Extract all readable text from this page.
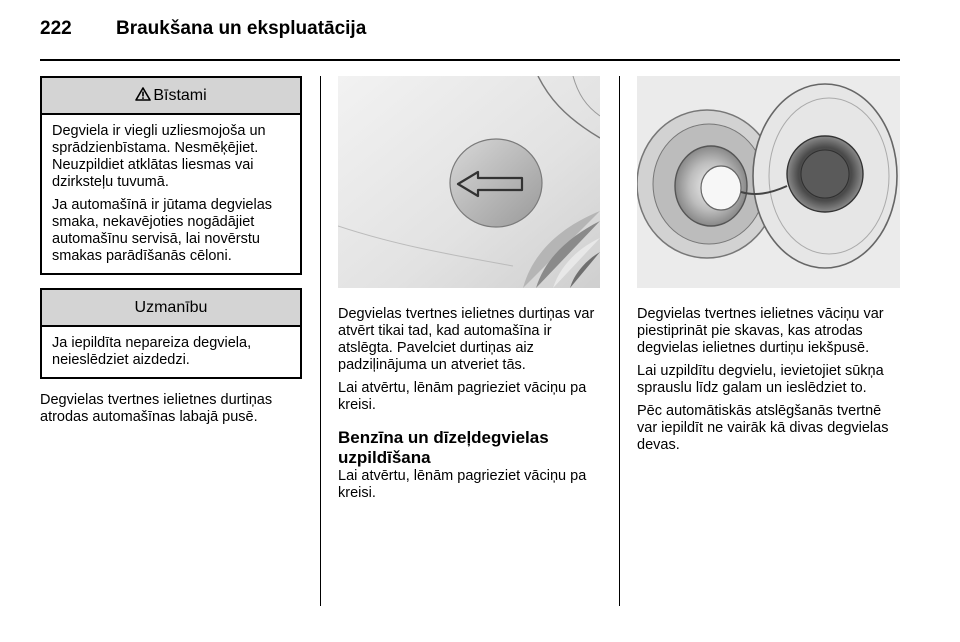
222 Braukšana un ekspluatācija
Bīstami

Degviela ir viegli uzliesmojoša un sprādzienbīstama. Nesmēķējiet. Neuzpildiet atklātas liesmas vai dzirksteļu tuvumā.

Ja automašīnā ir jūtama degvielas smaka, nekavējoties nogādājiet automašīnu servisā, lai novērstu smakas parādīšanās cēloni.

Uzmanību

Ja iepildīta nepareiza degviela, neieslēdziet aizdedzi.

Degvielas tvertnes ielietnes durtiņas atrodas automašīnas labajā pusē.

Degvielas tvertnes ielietnes durtiņas var atvērt tikai tad, kad automašīna ir atslēgta. Pavelciet durtiņas aiz padziļinājuma un atveriet tās.

Lai atvērtu, lēnām pagrieziet vāciņu pa kreisi.

Benzīna un dīzeļdegvielas uzpildīšana

Lai atvērtu, lēnām pagrieziet vāciņu pa kreisi.

Degvielas tvertnes ielietnes vāciņu var piestiprināt pie skavas, kas atrodas degvielas ielietnes durtiņu iekšpusē.

Lai uzpildītu degvielu, ievietojiet sūkņa sprauslu līdz galam un ieslēdziet to.

Pēc automātiskās atslēgšanās tvertnē var iepildīt ne vairāk kā divas degvielas devas.
